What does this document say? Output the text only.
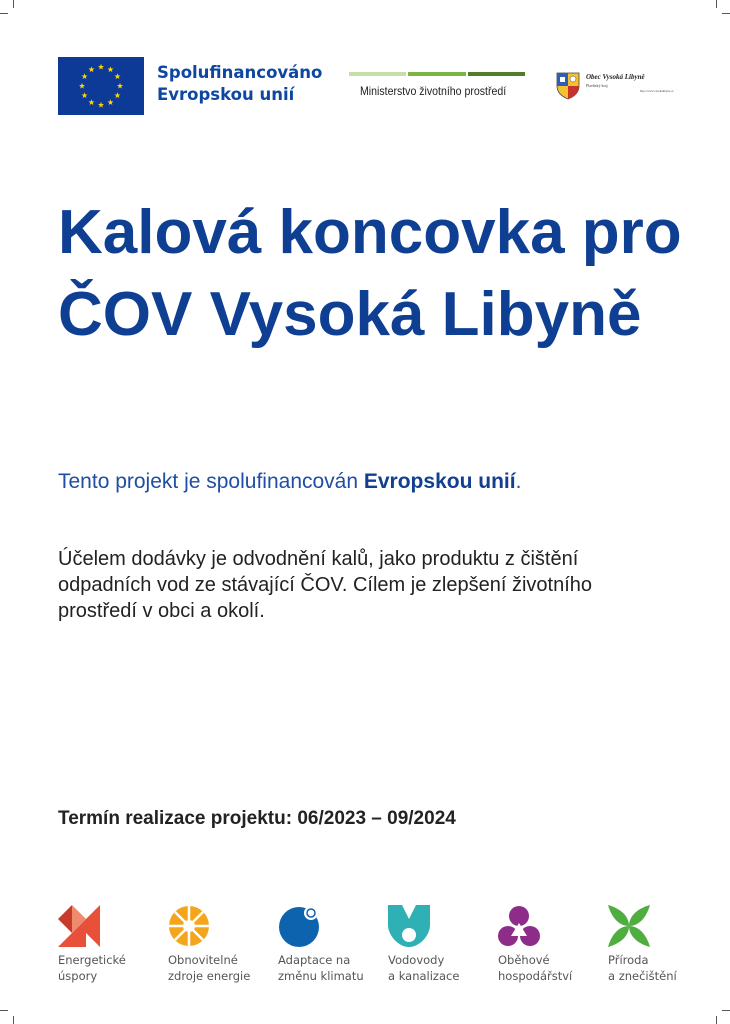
Spolufinancováno
Evropskou unií	Ministerstvo životního prostředí
Obec Vysoká Libyně
Plzeňský kraj
http://www.vysokalibyne.cz
Kalová koncovka pro ČOV Vysoká Libyně
Tento projekt je spolufinancován Evropskou unií.
Účelem dodávky je odvodnění kalů, jako produktu z čištění odpadních vod ze stávající ČOV. Cílem je zlepšení životního prostředí v obci a okolí.
Termín realizace projektu: 06/2023 – 09/2024
Energetické
úspory
Obnovitelné
zdroje energie
Adaptace na
změnu klimatu
Vodovody
a kanalizace
Oběhové
hospodářství
Příroda
a znečištění
